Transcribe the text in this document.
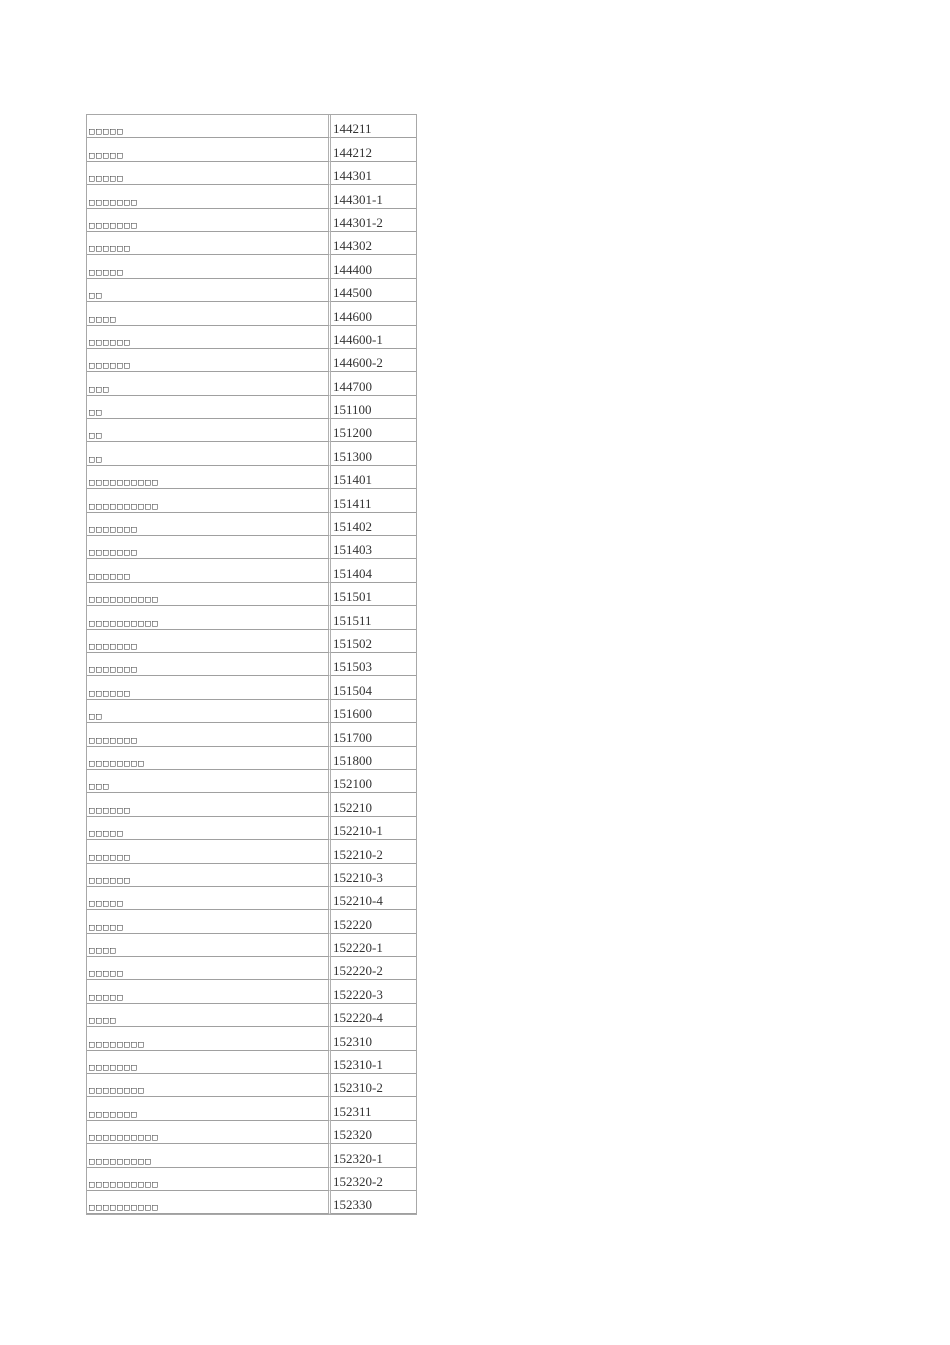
□□□□□	144211
□□□□□	144212
□□□□□	144301
□□□□□□□	144301-1
□□□□□□□	144301-2
□□□□□□	144302
□□□□□	144400
□□	144500
□□□□	144600
□□□□□□	144600-1
□□□□□□	144600-2
□□□	144700
□□	151100
□□	151200
□□	151300
□□□□□□□□□□	151401
□□□□□□□□□□	151411
□□□□□□□	151402
□□□□□□□	151403
□□□□□□	151404
□□□□□□□□□□	151501
□□□□□□□□□□	151511
□□□□□□□	151502
□□□□□□□	151503
□□□□□□	151504
□□	151600
□□□□□□□	151700
□□□□□□□□	151800
□□□	152100
□□□□□□	152210
□□□□□	152210-1
□□□□□□	152210-2
□□□□□□	152210-3
□□□□□	152210-4
□□□□□	152220
□□□□	152220-1
□□□□□	152220-2
□□□□□	152220-3
□□□□	152220-4
□□□□□□□□	152310
□□□□□□□	152310-1
□□□□□□□□	152310-2
□□□□□□□	152311
□□□□□□□□□□	152320
□□□□□□□□□	152320-1
□□□□□□□□□□	152320-2
□□□□□□□□□□	152330
